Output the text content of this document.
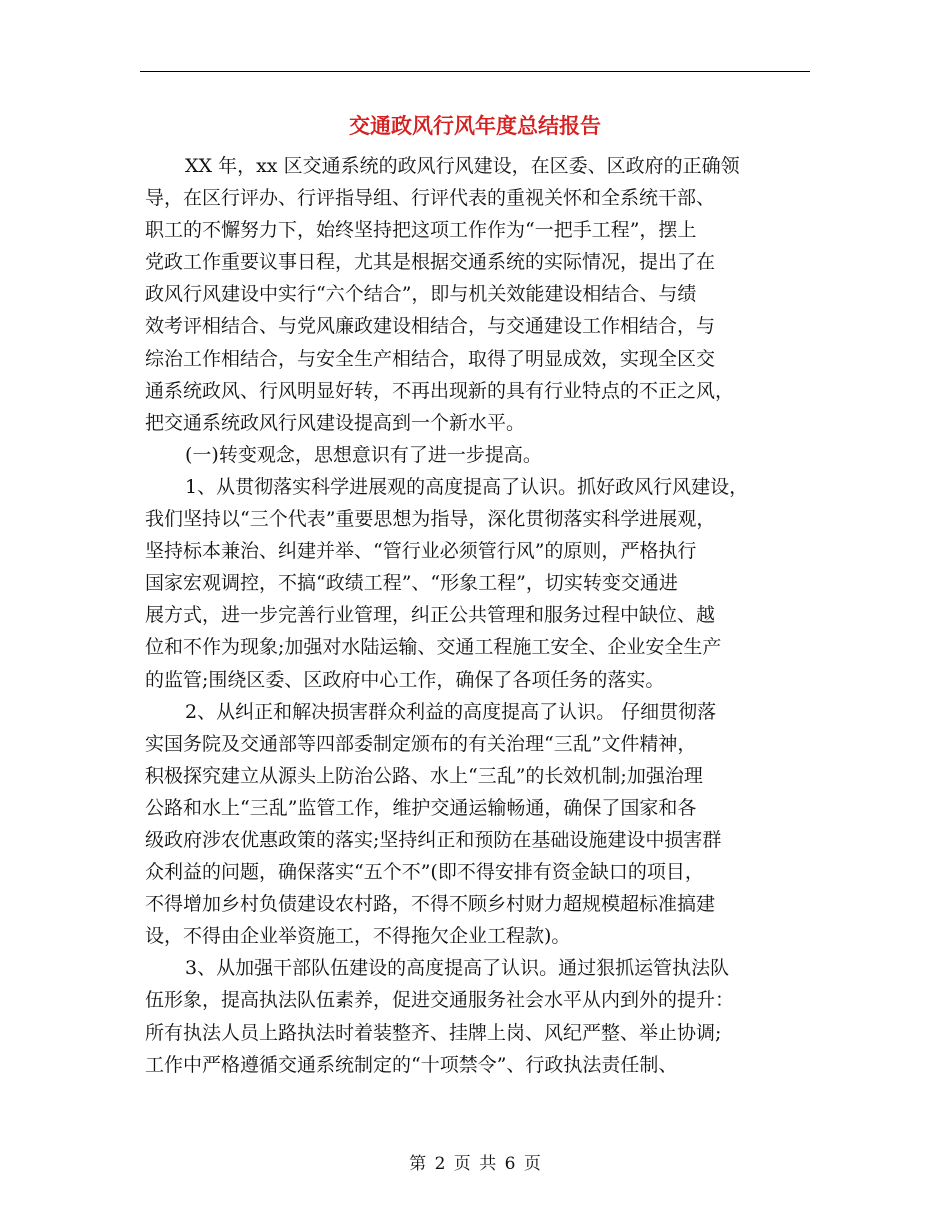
交通政风行风年度总结报告
XX 年，xx 区交通系统的政风行风建设，在区委、区政府的正确领
导，在区行评办、行评指导组、行评代表的重视关怀和全系统干部、
职工的不懈努力下，始终坚持把这项工作作为“一把手工程”，摆上
党政工作重要议事日程，尤其是根据交通系统的实际情况，提出了在
政风行风建设中实行“六个结合”，即与机关效能建设相结合、与绩
效考评相结合、与党风廉政建设相结合，与交通建设工作相结合，与
综治工作相结合，与安全生产相结合，取得了明显成效，实现全区交
通系统政风、行风明显好转，不再出现新的具有行业特点的不正之风，
把交通系统政风行风建设提高到一个新水平。
(一)转变观念，思想意识有了进一步提高。
1、从贯彻落实科学进展观的高度提高了认识。抓好政风行风建设，
我们坚持以“三个代表”重要思想为指导，深化贯彻落实科学进展观，
坚持标本兼治、纠建并举、“管行业必须管行风”的原则，严格执行
国家宏观调控，不搞“政绩工程”、“形象工程”，切实转变交通进
展方式，进一步完善行业管理，纠正公共管理和服务过程中缺位、越
位和不作为现象;加强对水陆运输、交通工程施工安全、企业安全生产
的监管;围绕区委、区政府中心工作，确保了各项任务的落实。
2、从纠正和解决损害群众利益的高度提高了认识。 仔细贯彻落
实国务院及交通部等四部委制定颁布的有关治理“三乱”文件精神，
积极探究建立从源头上防治公路、水上“三乱”的长效机制;加强治理
公路和水上“三乱”监管工作，维护交通运输畅通，确保了国家和各
级政府涉农优惠政策的落实;坚持纠正和预防在基础设施建设中损害群
众利益的问题，确保落实“五个不”(即不得安排有资金缺口的项目，
不得增加乡村负债建设农村路，不得不顾乡村财力超规模超标准搞建
设，不得由企业举资施工，不得拖欠企业工程款)。
3、从加强干部队伍建设的高度提高了认识。通过狠抓运管执法队
伍形象，提高执法队伍素养，促进交通服务社会水平从内到外的提升：
所有执法人员上路执法时着装整齐、挂牌上岗、风纪严整、举止协调;
工作中严格遵循交通系统制定的“十项禁令”、行政执法责任制、
第 2 页 共 6 页
